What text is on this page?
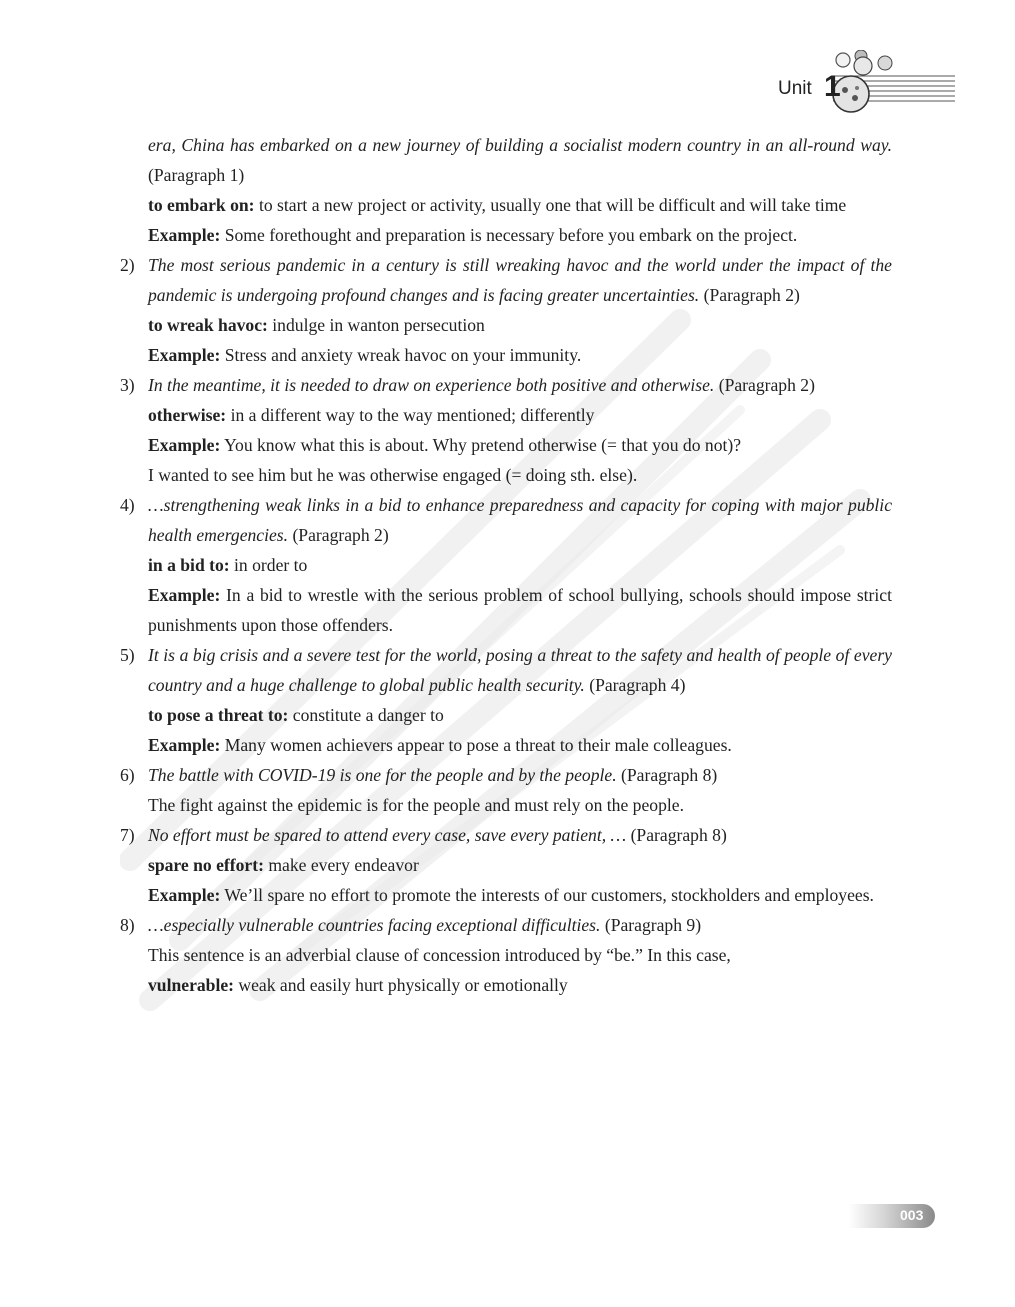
Unit 1

era, China has embarked on a new journey of building a socialist modern country in an all-round way. (Paragraph 1)

to embark on: to start a new project or activity, usually one that will be difficult and will take time

Example: Some forethought and preparation is necessary before you embark on the project.

2) The most serious pandemic in a century is still wreaking havoc and the world under the impact of the pandemic is undergoing profound changes and is facing greater uncertainties. (Paragraph 2)

to wreak havoc: indulge in wanton persecution

Example: Stress and anxiety wreak havoc on your immunity.

3) In the meantime, it is needed to draw on experience both positive and otherwise. (Paragraph 2)

otherwise: in a different way to the way mentioned; differently

Example: You know what this is about. Why pretend otherwise (= that you do not)?

I wanted to see him but he was otherwise engaged (= doing sth. else).

4) …strengthening weak links in a bid to enhance preparedness and capacity for coping with major public health emergencies. (Paragraph 2)

in a bid to: in order to

Example: In a bid to wrestle with the serious problem of school bullying, schools should impose strict punishments upon those offenders.

5) It is a big crisis and a severe test for the world, posing a threat to the safety and health of people of every country and a huge challenge to global public health security. (Paragraph 4)

to pose a threat to: constitute a danger to

Example: Many women achievers appear to pose a threat to their male colleagues.

6) The battle with COVID-19 is one for the people and by the people. (Paragraph 8)

The fight against the epidemic is for the people and must rely on the people.

7) No effort must be spared to attend every case, save every patient, … (Paragraph 8)

spare no effort: make every endeavor

Example: We’ll spare no effort to promote the interests of our customers, stockholders and employees.

8) …especially vulnerable countries facing exceptional difficulties. (Paragraph 9)

This sentence is an adverbial clause of concession introduced by “be.” In this case,

vulnerable: weak and easily hurt physically or emotionally

003
